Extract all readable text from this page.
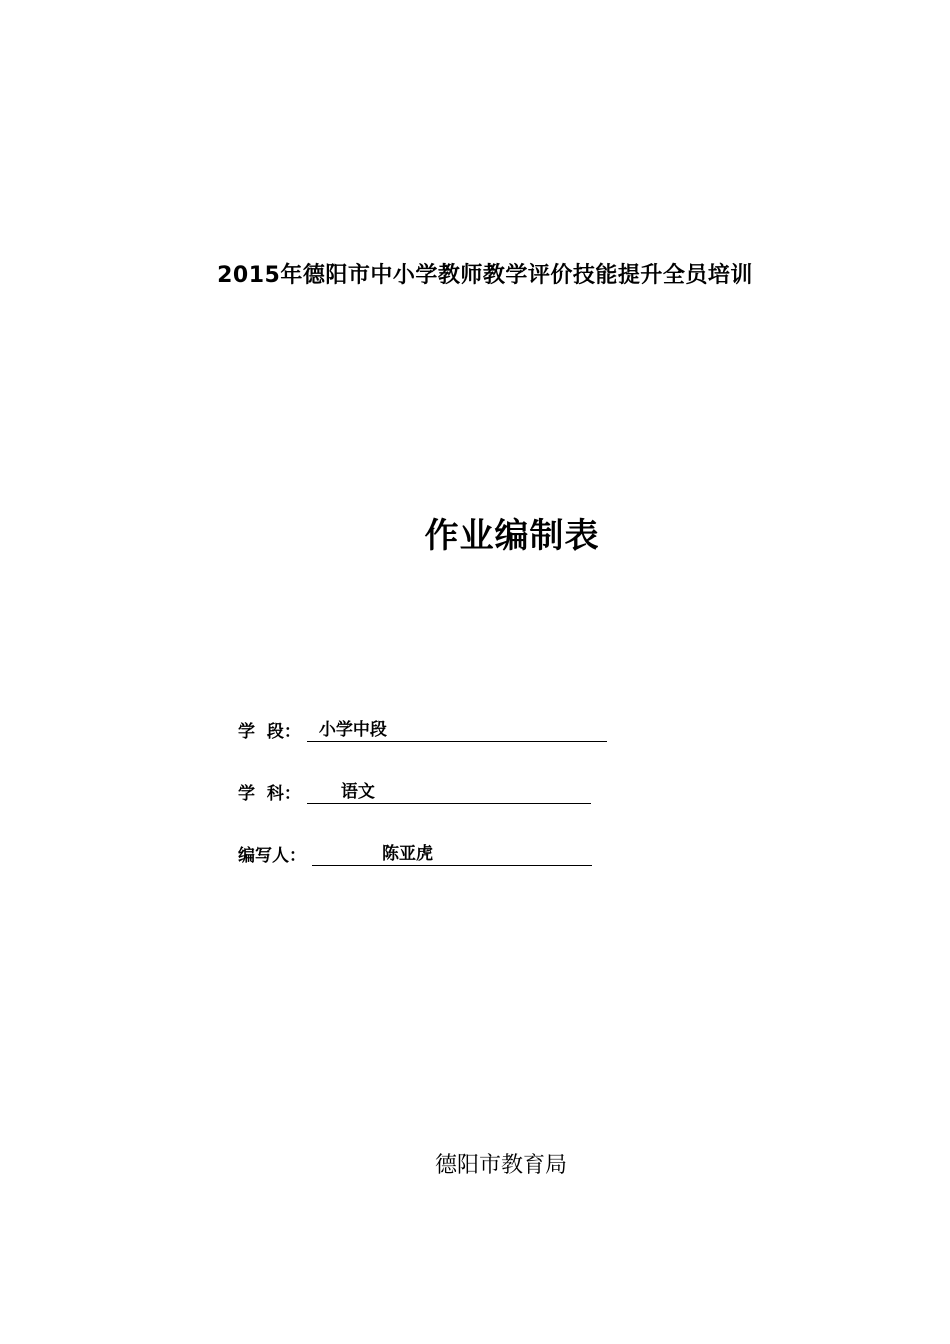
2015年德阳市中小学教师教学评价技能提升全员培训
作业编制表
学  段： 小学中段
学  科： 语文
编写人：	陈亚虎
德阳市教育局
